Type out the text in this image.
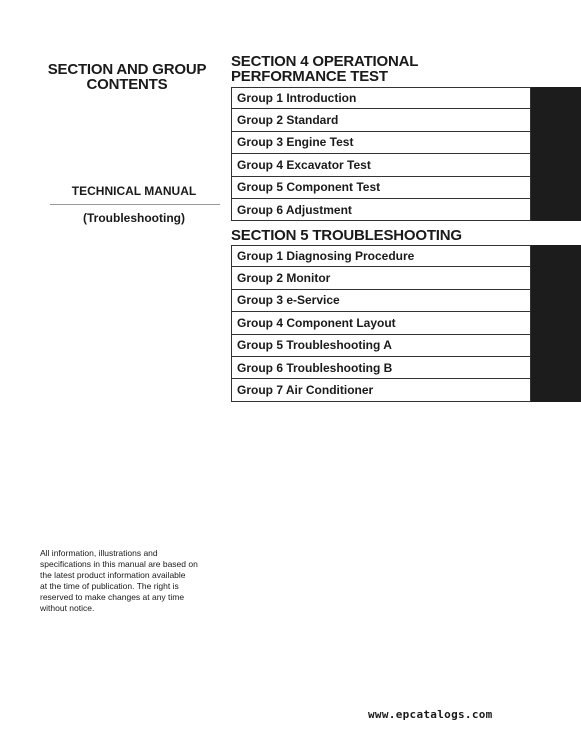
SECTION AND GROUP
CONTENTS
TECHNICAL MANUAL
(Troubleshooting)
All information, illustrations and
specifications in this manual are based on
the latest product information available
at the time of publication. The right is
reserved to make changes at any time
without notice.
SECTION 4 OPERATIONAL
PERFORMANCE TEST
Group 1 Introduction
Group 2 Standard
Group 3 Engine Test
Group 4 Excavator Test
Group 5 Component Test
Group 6 Adjustment
SECTION 5 TROUBLESHOOTING
Group 1 Diagnosing Procedure
Group 2 Monitor
Group 3 e-Service
Group 4 Component Layout
Group 5 Troubleshooting A
Group 6 Troubleshooting B
Group 7 Air Conditioner
www.epcatalogs.com
